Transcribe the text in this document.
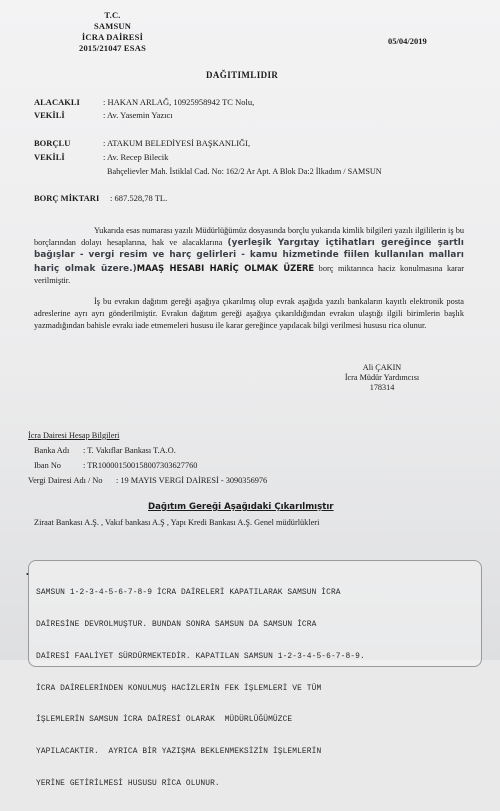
T.C.
SAMSUN
İCRA DAİRESİ
2015/21047 ESAS
05/04/2019
DAĞITIMLIDIR
ALACAKLI	: HAKAN ARLAĞ, 10925958942 TC Nolu,
VEKİLİ	: Av. Yasemin Yazıcı
BORÇLU	: ATAKUM BELEDİYESİ BAŞKANLIĞI,
VEKİLİ	: Av. Recep Bilecik
Bahçelievler Mah. İstiklal Cad. No: 162/2 Ar Apt. A Blok Da:2 İlkadım / SAMSUN
BORÇ MİKTARI : 687.528,78 TL.
Yukarıda esas numarası yazılı Müdürlüğümüz dosyasında borçlu yukarıda kimlik bilgileri yazılı ilgililerin iş bu borçlarından dolayı hesaplarına, hak ve alacaklarına (yerleşik Yargıtay içtihatları gereğince şartlı bağışlar - vergi resim ve harç gelirleri - kamu hizmetinde fiilen kullanılan malları hariç olmak üzere.)MAAŞ HESABI HARİÇ OLMAK ÜZERE borç miktarınca haciz konulmasına karar verilmiştir.
İş bu evrakın dağıtım gereği aşağıya çıkarılmış olup evrak aşağıda yazılı bankaların kayıtlı elektronik posta adreslerine ayrı ayrı gönderilmiştir. Evrakın dağıtım gereği aşağıya çıkarıldığından evrakın ulaştığı ilgili birimlerin başlık yazmadığından bahisle evrakı iade etmemeleri hususu ile karar gereğince yapılacak bilgi verilmesi hususu rica olunur.
Ali ÇAKIN
İcra Müdür Yardımcısı
178314
İcra Dairesi Hesap Bilgileri
Banka Adı : T. Vakıflar Bankası T.A.O.
Iban No	: TR100001500158007303627760
Vergi Dairesi Adı / No : 19 MAYIS VERGİ DAİRESİ - 3090356976
Dağıtım Gereği Aşağıdaki Çıkarılmıştır
Ziraat Bankası A.Ş. , Vakıf bankası A.Ş , Yapı Kredi Bankası A.Ş. Genel müdürlükleri
•

SAMSUN 1-2-3-4-5-6-7-8-9 İCRA DAİRELERİ KAPATILARAK SAMSUN İCRA

DAİRESİNE DEVROLMUŞTUR. BUNDAN SONRA SAMSUN DA SAMSUN İCRA

DAİRESİ FAALİYET SÜRDÜRMEKTEDİR. KAPATILAN SAMSUN 1-2-3-4-5-6-7-8-9.

İCRA DAİRELERİNDEN KONULMUŞ HACİZLERİN FEK İŞLEMLERİ VE TÜM

İŞLEMLERİN SAMSUN İCRA DAİRESİ OLARAK  MÜDÜRLÜĞÜMÜZCE

YAPILACAKTIR.  AYRICA BİR YAZIŞMA BEKLENMEKSİZİN İŞLEMLERİN

YERİNE GETİRİLMESİ HUSUSU RİCA OLUNUR.
